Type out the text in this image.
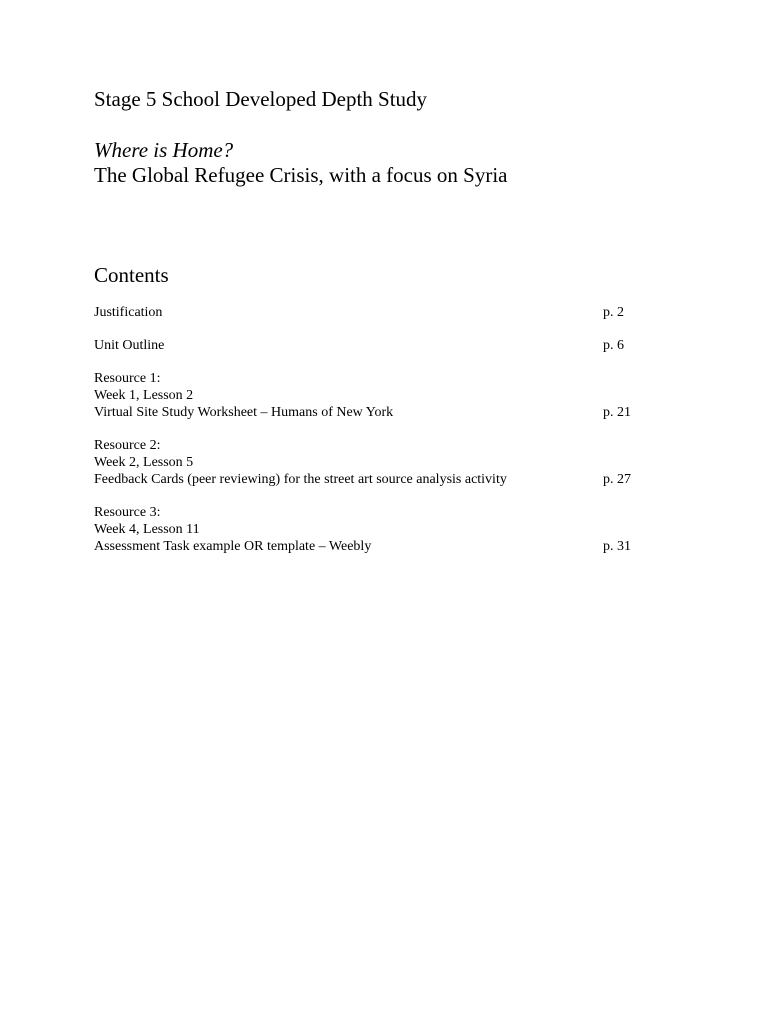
Stage 5 School Developed Depth Study

Where is Home?

The Global Refugee Crisis, with a focus on Syria

Contents
Justification	p. 2
Unit Outline	p. 6
Resource 1:
Week 1, Lesson 2
Virtual Site Study Worksheet – Humans of New York	p. 21
Resource 2:
Week 2, Lesson 5
Feedback Cards (peer reviewing) for the street art source analysis activity	p. 27
Resource 3:
Week 4, Lesson 11
Assessment Task example OR template – Weebly	p. 31
